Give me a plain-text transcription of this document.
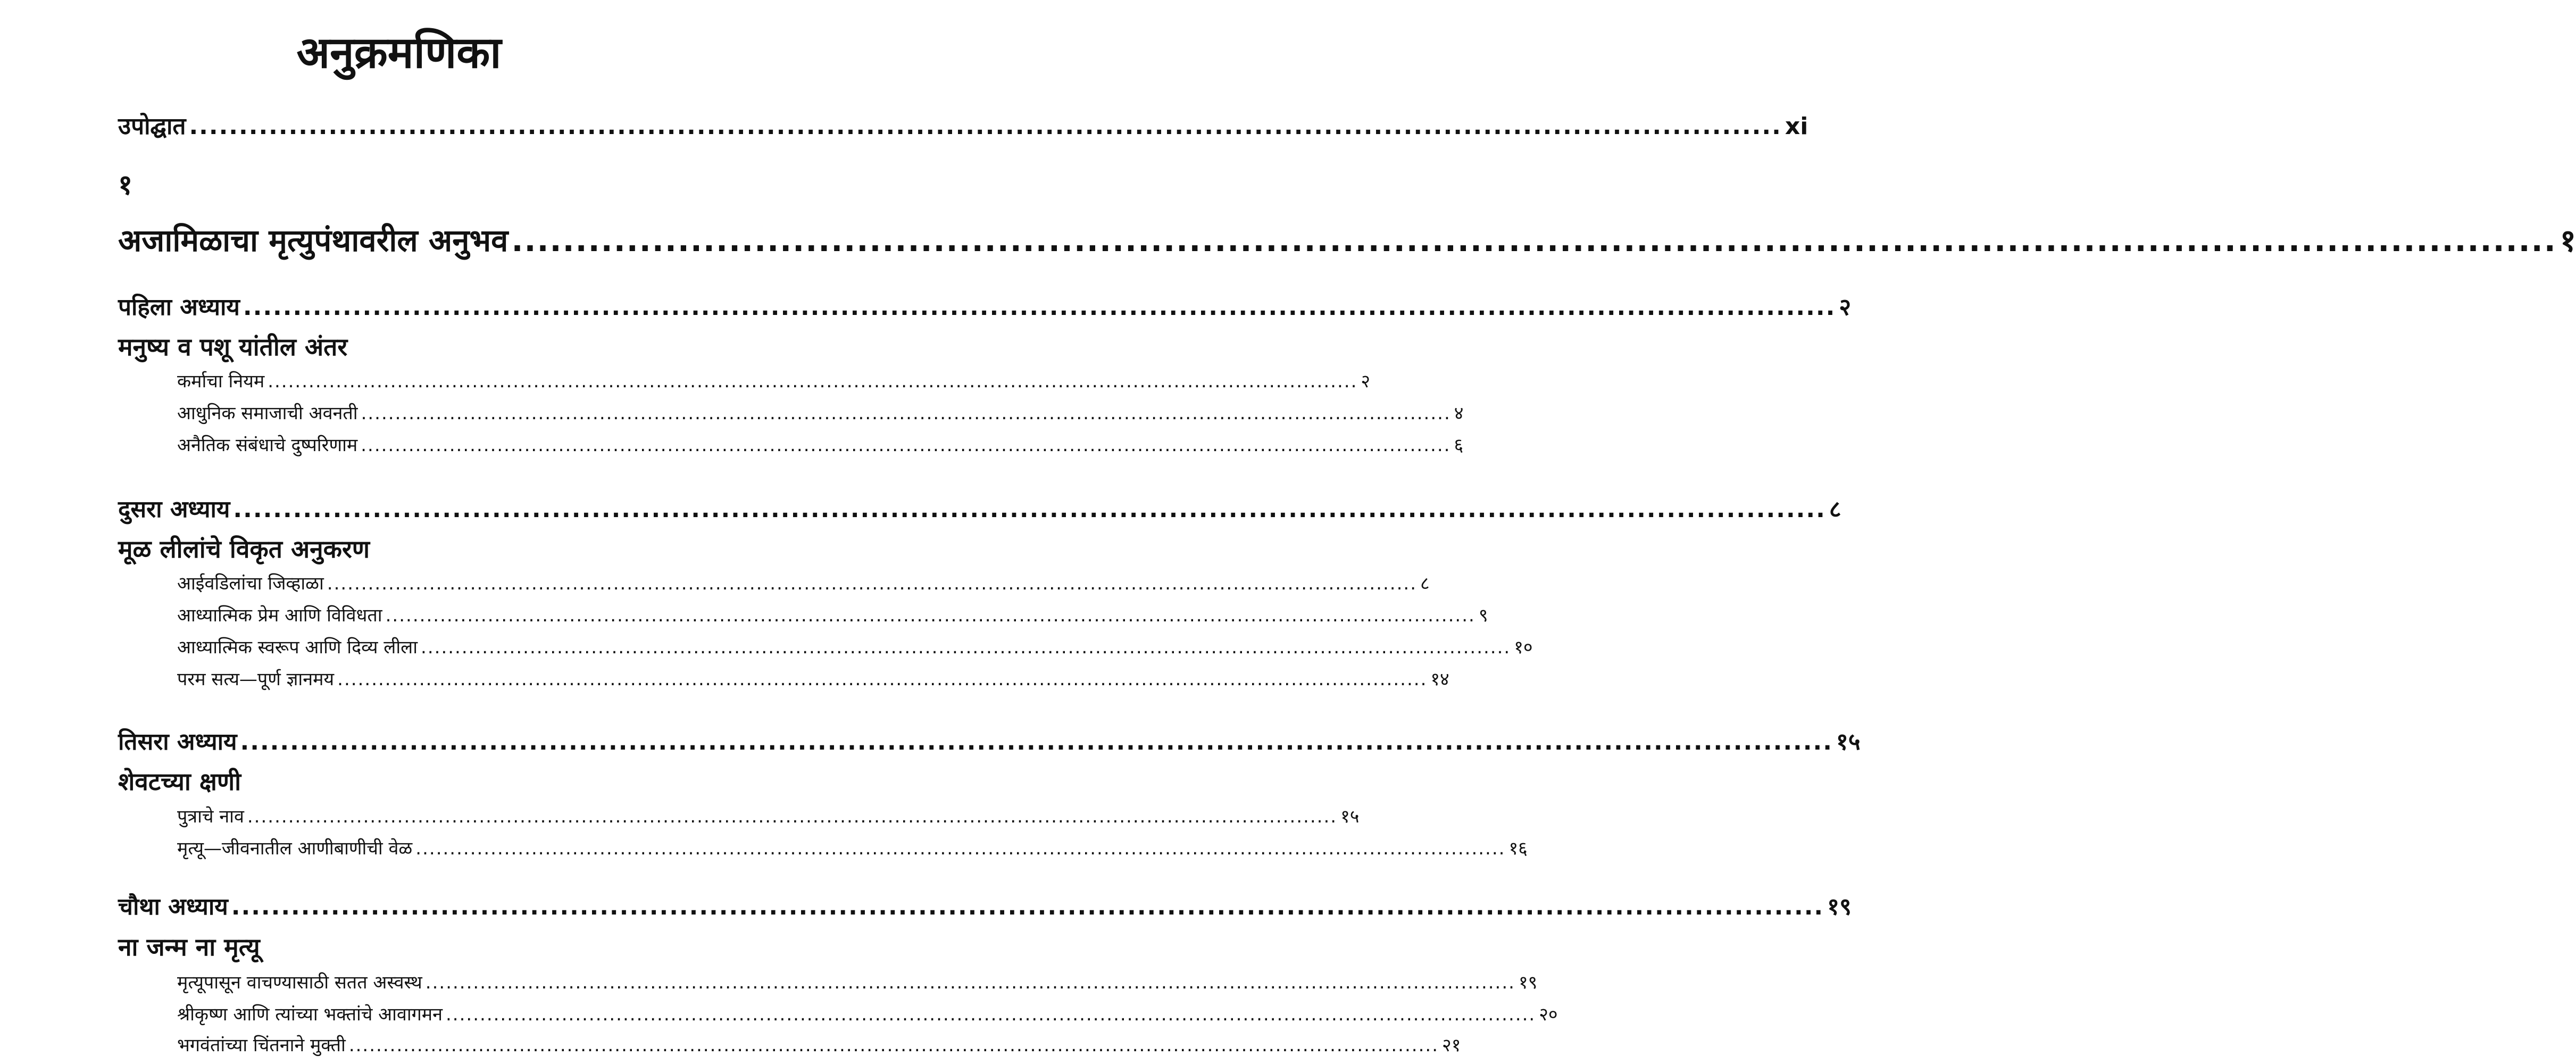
अनुक्रमणिका
उपोद्घात ................................................................................................................................................................ xi
१
अजामिळाचा मृत्युपंथावरील अनुभव ................................................................................................................................................................ १
पहिला अध्याय ................................................................................................................................................................ २
मनुष्य व पशू यांतील अंतर
कर्माचा नियम ................................................................................................................................................................ २
आधुनिक समाजाची अवनती ................................................................................................................................................................ ४
अनैतिक संबंधाचे दुष्परिणाम ................................................................................................................................................................ ६
दुसरा अध्याय ................................................................................................................................................................ ८
मूळ लीलांचे विकृत अनुकरण
आईवडिलांचा जिव्हाळा ................................................................................................................................................................ ८
आध्यात्मिक प्रेम आणि विविधता ................................................................................................................................................................ ९
आध्यात्मिक स्वरूप आणि दिव्य लीला ................................................................................................................................................................ १०
परम सत्य—पूर्ण ज्ञानमय ................................................................................................................................................................ १४
तिसरा अध्याय ................................................................................................................................................................ १५
शेवटच्या क्षणी
पुत्राचे नाव ................................................................................................................................................................ १५
मृत्यू—जीवनातील आणीबाणीची वेळ ................................................................................................................................................................ १६
चौथा अध्याय ................................................................................................................................................................ १९
ना जन्म ना मृत्यू
मृत्यूपासून वाचण्यासाठी सतत अस्वस्थ ................................................................................................................................................................ १९
श्रीकृष्ण आणि त्यांच्या भक्तांचे आवागमन ................................................................................................................................................................ २०
भगवंतांच्या चिंतनाने मुक्ती ................................................................................................................................................................ २१
